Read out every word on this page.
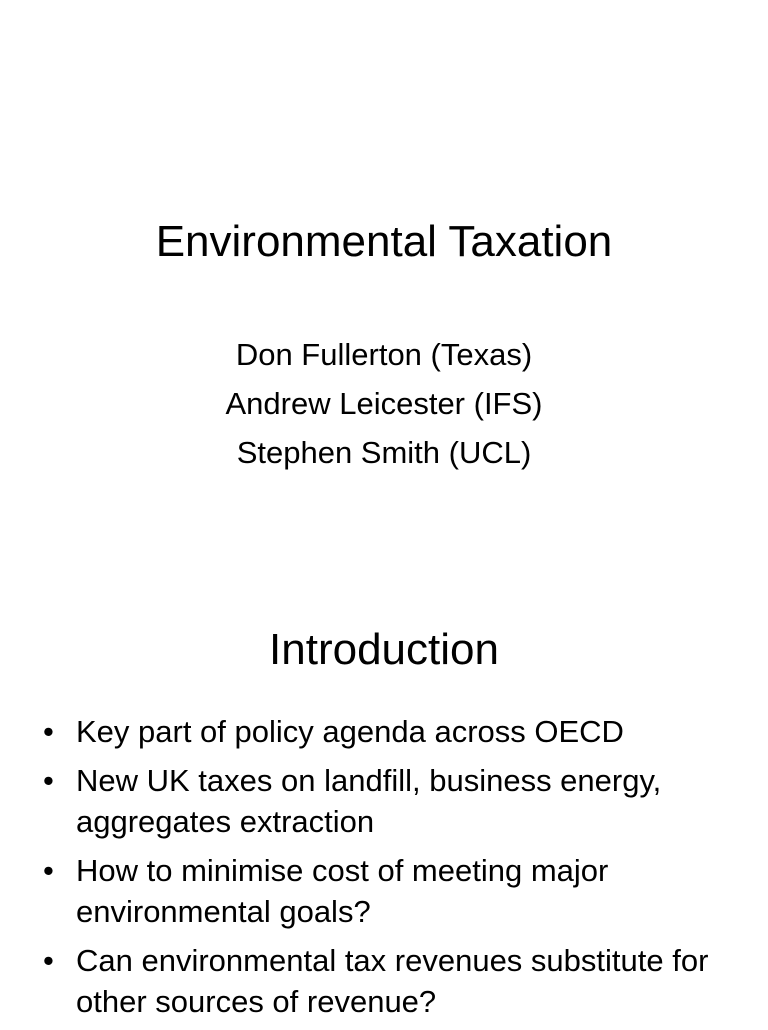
Environmental Taxation
Don Fullerton (Texas)
Andrew Leicester (IFS)
Stephen Smith (UCL)
Introduction
• Key part of policy agenda across OECD
• New UK taxes on landfill, business energy, aggregates extraction
• How to minimise cost of meeting major environmental goals?
• Can environmental tax revenues substitute for other sources of revenue?
